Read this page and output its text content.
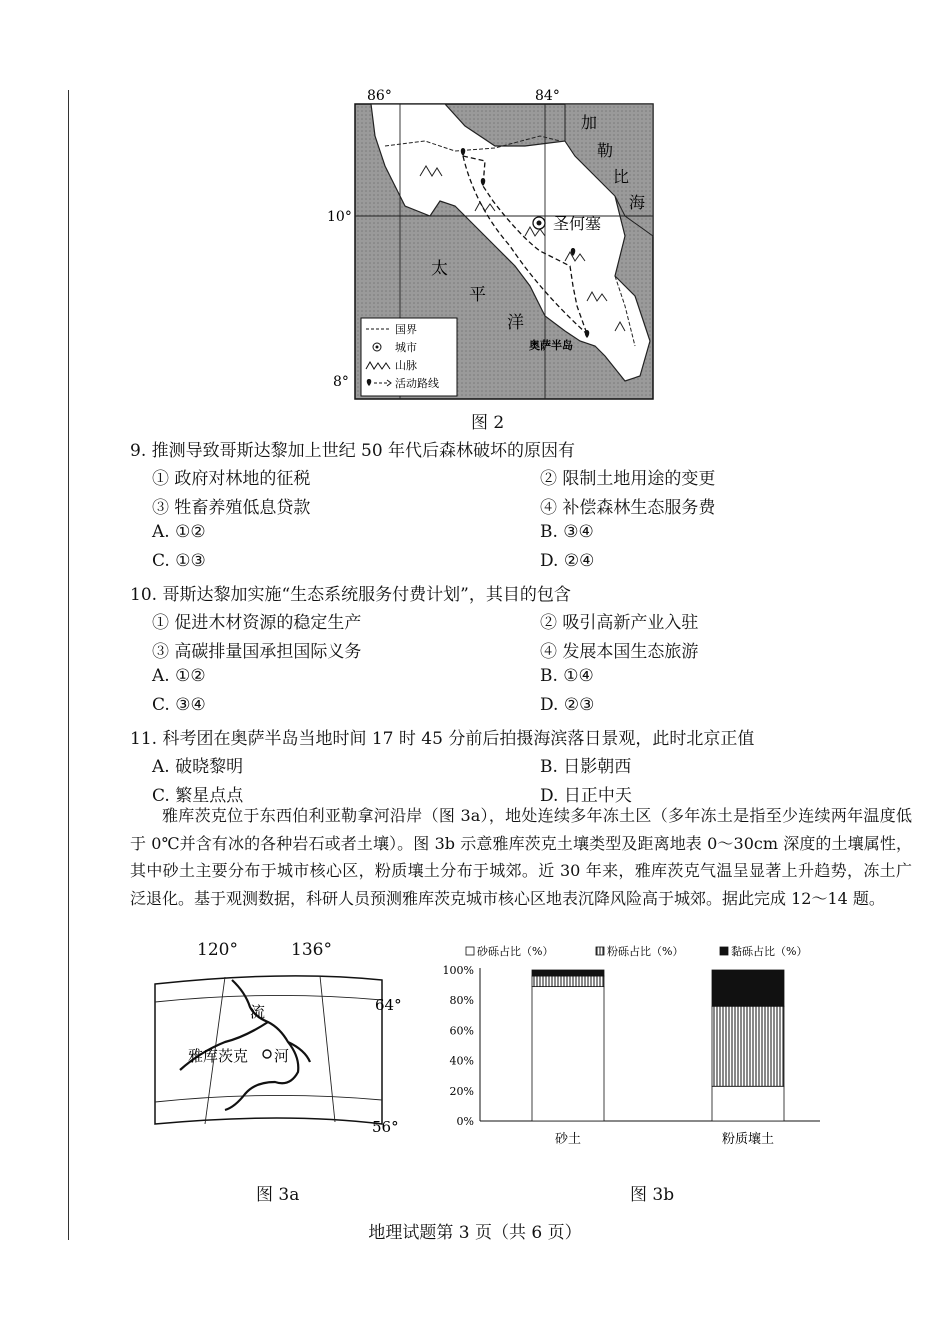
圣何塞
86°	84°
10°
8°
加
勒
比
海
太
平
洋
奥萨半岛
国界
城市
山脉
活动路线
图 2
9. 推测导致哥斯达黎加上世纪 50 年代后森林破坏的原因有
① 政府对林地的征税	② 限制土地用途的变更
③ 牲畜养殖低息贷款	④ 补偿森林生态服务费
A. ①②	B. ③④
C. ①③	D. ②④
10. 哥斯达黎加实施“生态系统服务付费计划”，其目的包含
① 促进木材资源的稳定生产	② 吸引高新产业入驻
③ 高碳排量国承担国际义务	④ 发展本国生态旅游
A. ①②	B. ①④
C. ③④	D. ②③
11. 科考团在奥萨半岛当地时间 17 时 45 分前后拍摄海滨落日景观，此时北京正值
A. 破晓黎明	B. 日影朝西
C. 繁星点点	D. 日正中天
雅库茨克位于东西伯利亚勒拿河沿岸（图 3a），地处连续多年冻土区（多年冻土是指至少连续两年温度低于 0℃并含有冰的各种岩石或者土壤）。图 3b 示意雅库茨克土壤类型及距离地表 0～30cm 深度的土壤属性，其中砂土主要分布于城市核心区，粉质壤土分布于城郊。近 30 年来，雅库茨克气温呈显著上升趋势，冻土广泛退化。基于观测数据，科研人员预测雅库茨克城市核心区地表沉降风险高于城郊。据此完成 12～14 题。
雅库茨克
流
河
64°
56°
120°	136°
图 3a
砂砾占比（%）	粉砾占比（%）	黏砾占比（%）
0%
20%
40%
60%
80%
100%
砂土	粉质壤土
图 3b
地理试题第 3 页（共 6 页）
